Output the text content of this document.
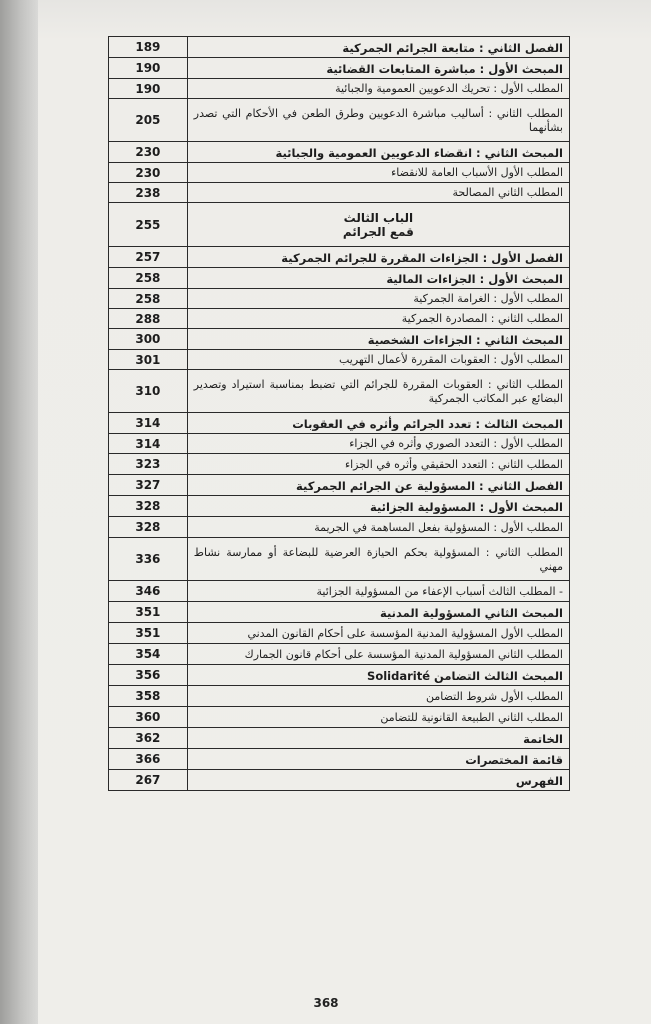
الفصل الثاني : متابعة الجرائم الجمركية	189
المبحث الأول : مباشرة المتابعات القضائية	190
المطلب الأول : تحريك الدعويين العمومية والجبائية	190
المطلب الثاني : أساليب مباشرة الدعويين وطرق الطعن في الأحكام التي تصدر بشأنهما	205
المبحث الثاني : انقضاء الدعويين العمومية والجبائية	230
المطلب الأول الأسباب العامة للانقضاء	230
المطلب الثاني المصالحة	238
الباب الثالث
قمع الجرائم	255
الفصل الأول : الجزاءات المقررة للجرائم الجمركية	257
المبحث الأول : الجزاءات المالية	258
المطلب الأول : الغرامة الجمركية	258
المطلب الثاني : المصادرة الجمركية	288
المبحث الثاني : الجزاءات الشخصية	300
المطلب الأول : العقوبات المقررة لأعمال التهريب	301
المطلب الثاني : العقوبات المقررة للجرائم التي تضبط بمناسبة استيراد وتصدير البضائع عبر المكاتب الجمركية	310
المبحث الثالث : تعدد الجرائم وأثره في العقوبات	314
المطلب الأول : التعدد الصوري وأثره في الجزاء	314
المطلب الثاني : التعدد الحقيقي وأثره في الجزاء	323
الفصل الثاني : المسؤولية عن الجرائم الجمركية	327
المبحث الأول : المسؤولية الجزائية	328
المطلب الأول : المسؤولية بفعل المساهمة في الجريمة	328
المطلب الثاني : المسؤولية بحكم الحيازة العرضية للبضاعة أو ممارسة نشاط مهني	336
- المطلب الثالث أسباب الإعفاء من المسؤولية الجزائية	346
المبحث الثاني المسؤولية المدنية	351
المطلب الأول المسؤولية المدنية المؤسسة على أحكام القانون المدني	351
المطلب الثاني المسؤولية المدنية المؤسسة على أحكام قانون الجمارك	354
المبحث الثالث التضامن Solidarité	356
المطلب الأول شروط التضامن	358
المطلب الثاني الطبيعة القانونية للتضامن	360
الخاتمة	362
قائمة المختصرات	366
الفهرس	267
368
